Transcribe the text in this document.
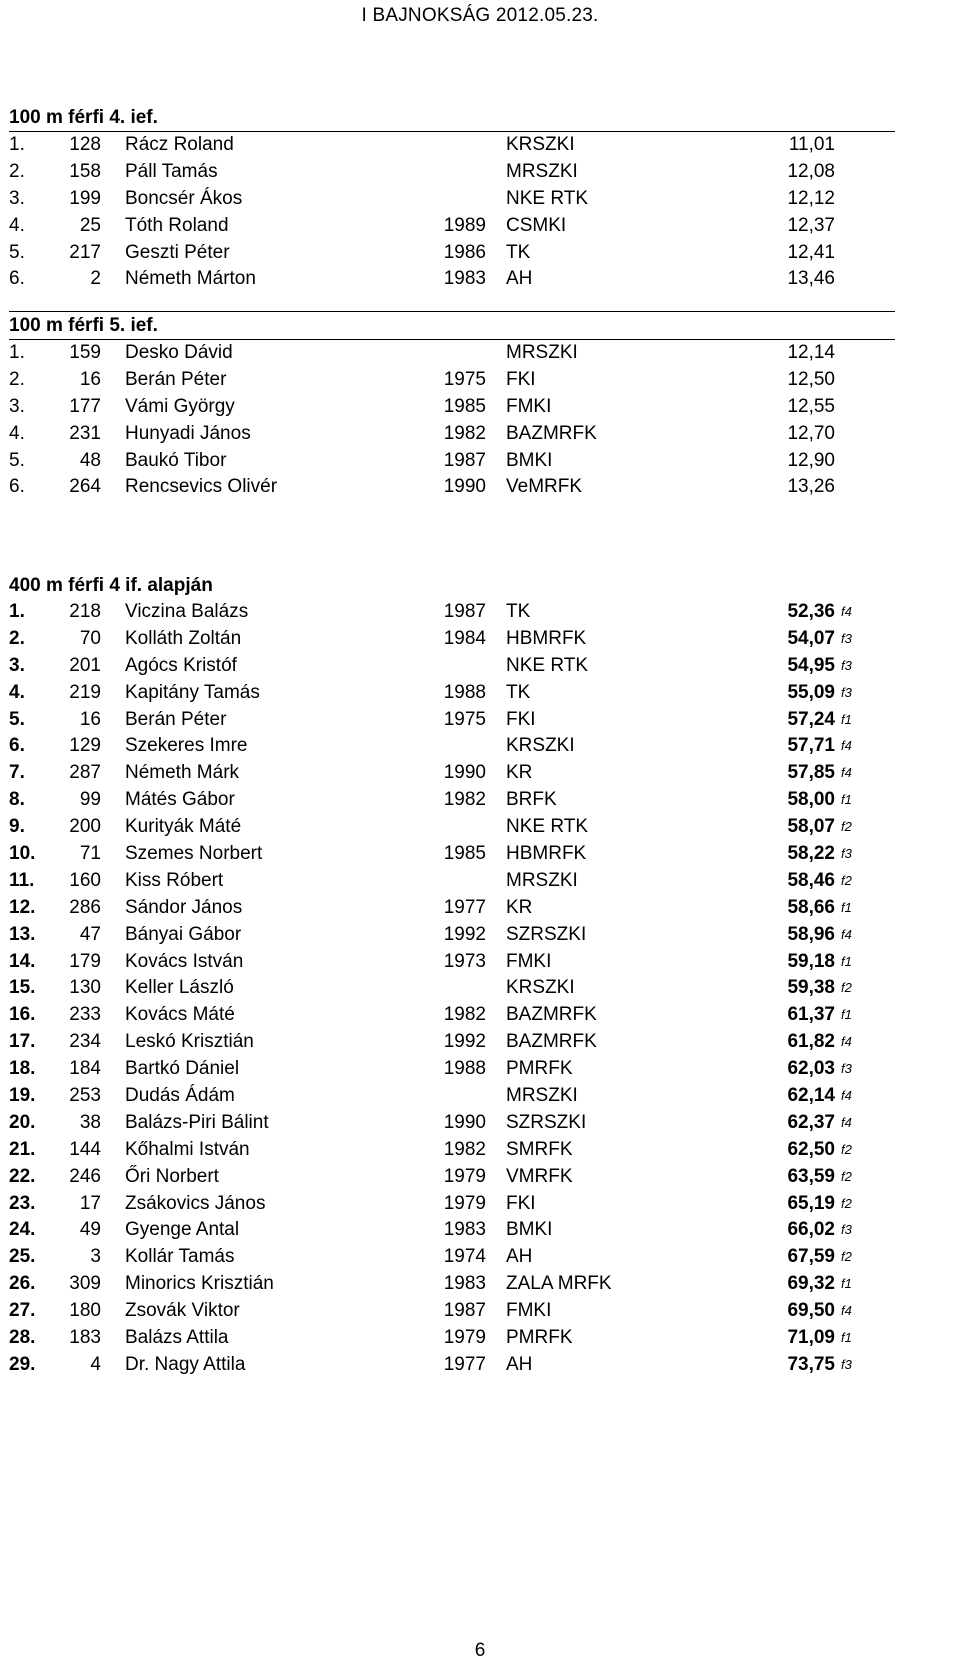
I BAJNOKSÁG 2012.05.23.
100 m férfi 4. ief.
1.	128 Rácz Roland	KRSZKI	11,01
2.	158 Páll Tamás	MRSZKI	12,08
3.	199 Boncsér Ákos	NKE RTK	12,12
4.	25 Tóth Roland	1989 CSMKI	12,37
5.	217 Geszti Péter	1986 TK	12,41
6.	2 Németh Márton	1983 AH	13,46
100 m férfi 5. ief.
1.	159 Desko Dávid	MRSZKI	12,14
2.	16 Berán Péter	1975 FKI	12,50
3.	177 Vámi György	1985 FMKI	12,55
4.	231 Hunyadi János	1982 BAZMRFK	12,70
5.	48 Baukó Tibor	1987 BMKI	12,90
6.	264 Rencsevics Olivér	1990 VeMRFK	13,26
400 m férfi 4 if. alapján
1.	218 Viczina Balázs	1987 TK	52,36 f4
2.	70 Kolláth Zoltán	1984 HBMRFK	54,07 f3
3.	201 Agócs Kristóf	NKE RTK	54,95 f3
4.	219 Kapitány Tamás	1988 TK	55,09 f3
5.	16 Berán Péter	1975 FKI	57,24 f1
6.	129 Szekeres Imre	KRSZKI	57,71 f4
7.	287 Németh Márk	1990 KR	57,85 f4
8.	99 Mátés Gábor	1982 BRFK	58,00 f1
9.	200 Kurityák Máté	NKE RTK	58,07 f2
10.	71 Szemes Norbert	1985 HBMRFK	58,22 f3
11.	160 Kiss Róbert	MRSZKI	58,46 f2
12.	286 Sándor János	1977 KR	58,66 f1
13.	47 Bányai Gábor	1992 SZRSZKI	58,96 f4
14.	179 Kovács István	1973 FMKI	59,18 f1
15.	130 Keller László	KRSZKI	59,38 f2
16.	233 Kovács Máté	1982 BAZMRFK	61,37 f1
17.	234 Leskó Krisztián	1992 BAZMRFK	61,82 f4
18.	184 Bartkó Dániel	1988 PMRFK	62,03 f3
19.	253 Dudás Ádám	MRSZKI	62,14 f4
20.	38 Balázs-Piri Bálint	1990 SZRSZKI	62,37 f4
21.	144 Kőhalmi István	1982 SMRFK	62,50 f2
22.	246 Őri Norbert	1979 VMRFK	63,59 f2
23.	17 Zsákovics János	1979 FKI	65,19 f2
24.	49 Gyenge Antal	1983 BMKI	66,02 f3
25.	3 Kollár Tamás	1974 AH	67,59 f2
26.	309 Minorics Krisztián	1983 ZALA MRFK	69,32 f1
27.	180 Zsovák Viktor	1987 FMKI	69,50 f4
28.	183 Balázs Attila	1979 PMRFK	71,09 f1
29.	4 Dr. Nagy Attila	1977 AH	73,75 f3
6
